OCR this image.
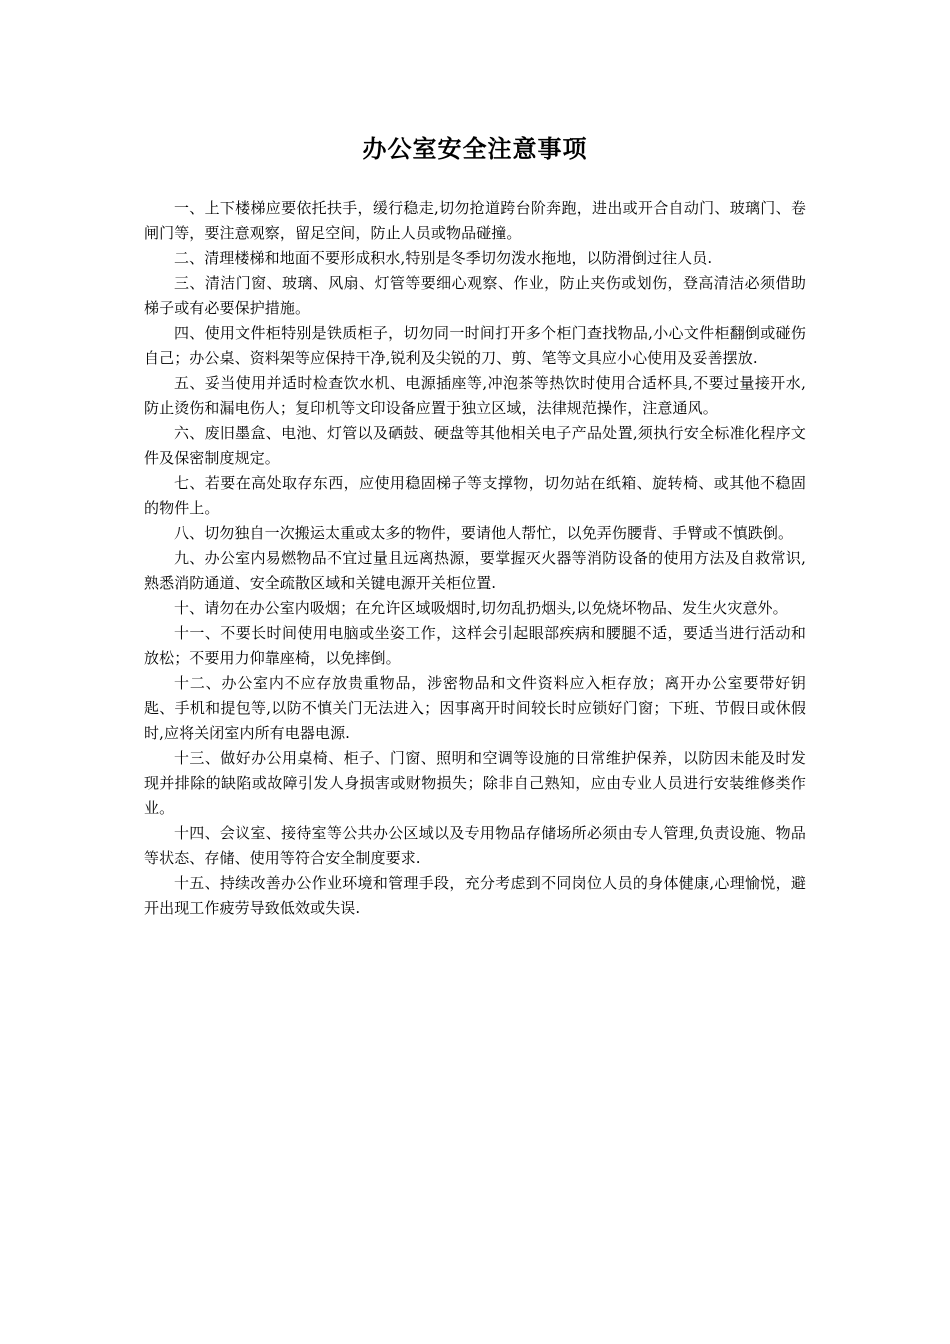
办公室安全注意事项

一、上下楼梯应要依托扶手，缓行稳走,切勿抢道跨台阶奔跑，进出或开合自动门、玻璃门、卷闸门等，要注意观察，留足空间，防止人员或物品碰撞。

二、清理楼梯和地面不要形成积水,特别是冬季切勿泼水拖地，以防滑倒过往人员.

三、清洁门窗、玻璃、风扇、灯管等要细心观察、作业，防止夹伤或划伤，登高清洁必须借助梯子或有必要保护措施。

四、使用文件柜特别是铁质柜子，切勿同一时间打开多个柜门查找物品,小心文件柜翻倒或碰伤自己；办公桌、资料架等应保持干净,锐利及尖锐的刀、剪、笔等文具应小心使用及妥善摆放.

五、妥当使用并适时检查饮水机、电源插座等,冲泡茶等热饮时使用合适杯具,不要过量接开水,防止烫伤和漏电伤人；复印机等文印设备应置于独立区域，法律规范操作，注意通风。

六、废旧墨盒、电池、灯管以及硒鼓、硬盘等其他相关电子产品处置,须执行安全标准化程序文件及保密制度规定。

七、若要在高处取存东西，应使用稳固梯子等支撑物，切勿站在纸箱、旋转椅、或其他不稳固的物件上。

八、切勿独自一次搬运太重或太多的物件，要请他人帮忙，以免弄伤腰背、手臂或不慎跌倒。

九、办公室内易燃物品不宜过量且远离热源，要掌握灭火器等消防设备的使用方法及自救常识,熟悉消防通道、安全疏散区域和关键电源开关柜位置.

十、请勿在办公室内吸烟；在允许区域吸烟时,切勿乱扔烟头,以免烧坏物品、发生火灾意外。

十一、不要长时间使用电脑或坐姿工作，这样会引起眼部疾病和腰腿不适，要适当进行活动和放松；不要用力仰靠座椅，以免摔倒。

十二、办公室内不应存放贵重物品，涉密物品和文件资料应入柜存放；离开办公室要带好钥匙、手机和提包等,以防不慎关门无法进入；因事离开时间较长时应锁好门窗；下班、节假日或休假时,应将关闭室内所有电器电源.

十三、做好办公用桌椅、柜子、门窗、照明和空调等设施的日常维护保养，以防因未能及时发现并排除的缺陷或故障引发人身损害或财物损失；除非自己熟知，应由专业人员进行安装维修类作业。

十四、会议室、接待室等公共办公区域以及专用物品存储场所必须由专人管理,负责设施、物品等状态、存储、使用等符合安全制度要求.

十五、持续改善办公作业环境和管理手段，充分考虑到不同岗位人员的身体健康,心理愉悦，避开出现工作疲劳导致低效或失误.
